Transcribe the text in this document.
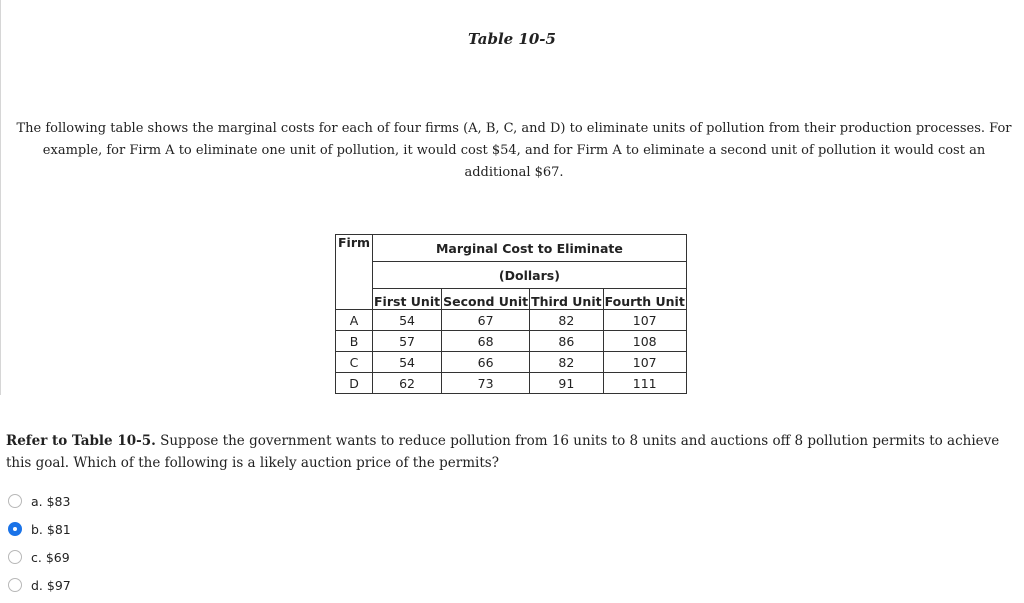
Table 10-5
The following table shows the marginal costs for each of four firms (A, B, C, and D) to eliminate units of pollution from their production processes. For example, for Firm A to eliminate one unit of pollution, it would cost $54, and for Firm A to eliminate a second unit of pollution it would cost an additional $67.
Firm	Marginal Cost to Eliminate			
	(Dollars)			
	First Unit	Second Unit	Third Unit	Fourth Unit
A	54	67	82	107
B	57	68	86	108
C	54	66	82	107
D	62	73	91	111
Refer to Table 10-5. Suppose the government wants to reduce pollution from 16 units to 8 units and auctions off 8 pollution permits to achieve this goal. Which of the following is a likely auction price of the permits?
a. $83
b. $81
c. $69
d. $97
